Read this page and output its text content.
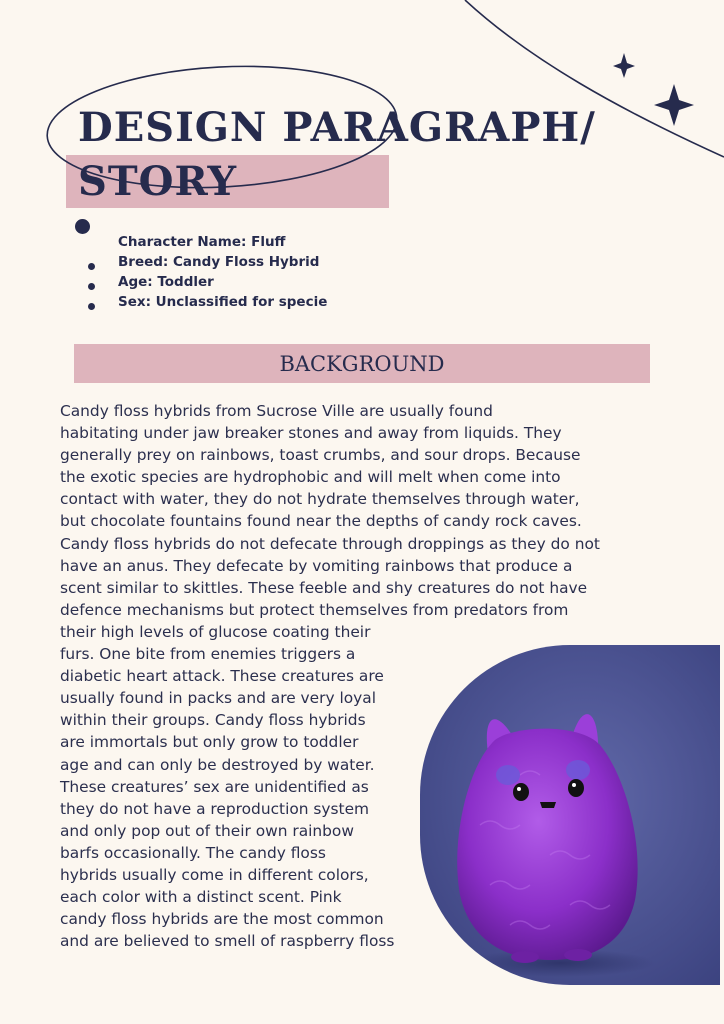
DESIGN PARAGRAPH/
STORY
Character Name: Fluff
Breed: Candy Floss Hybrid
Age: Toddler
Sex: Unclassified for specie
BACKGROUND
Candy floss hybrids from Sucrose Ville are usually found
habitating under jaw breaker stones and away from liquids. They
generally prey on rainbows, toast crumbs, and sour drops. Because
the exotic species are hydrophobic and will melt when come into
contact with water, they do not hydrate themselves through water,
but chocolate fountains found near the depths of candy rock caves.
Candy floss hybrids do not defecate through droppings as they do not
have an anus. They defecate by vomiting rainbows that produce a
scent similar to skittles. These feeble and shy creatures do not have
defence mechanisms but protect themselves from predators from
their high levels of glucose coating their
furs. One bite from enemies triggers a
diabetic heart attack. These creatures are
usually found in packs and are very loyal
within their groups. Candy floss hybrids
are immortals but only grow to toddler
age and can only be destroyed by water.
These creatures’ sex are unidentified as
they do not have a reproduction system
and only pop out of their own rainbow
barfs occasionally. The candy floss
hybrids usually come in different colors,
each color with a distinct scent. Pink
candy floss hybrids are the most common
and are believed to smell of raspberry floss
